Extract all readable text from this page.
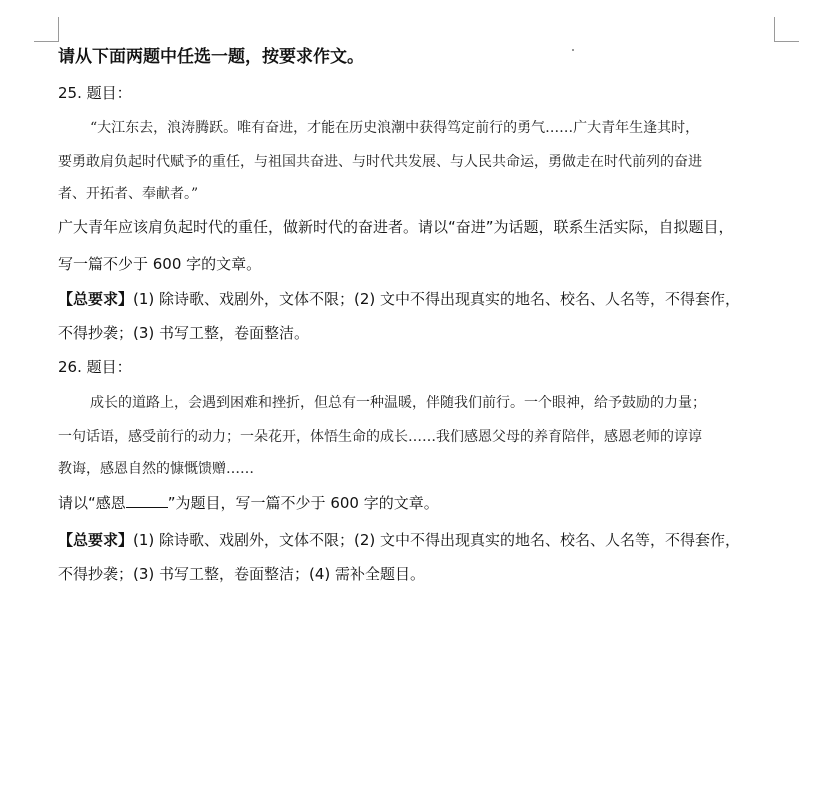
请从下面两题中任选一题，按要求作文。
25. 题目：
“大江东去，浪涛腾跃。唯有奋进，才能在历史浪潮中获得笃定前行的勇气……广大青年生逢其时，
要勇敢肩负起时代赋予的重任，与祖国共奋进、与时代共发展、与人民共命运，勇做走在时代前列的奋进
者、开拓者、奉献者。”
广大青年应该肩负起时代的重任，做新时代的奋进者。请以“奋进”为话题，联系生活实际，自拟题目，
写一篇不少于 600 字的文章。
【总要求】(1) 除诗歌、戏剧外，文体不限；(2) 文中不得出现真实的地名、校名、人名等，不得套作，
不得抄袭；(3) 书写工整，卷面整洁。
26. 题目：
成长的道路上，会遇到困难和挫折，但总有一种温暖，伴随我们前行。一个眼神，给予鼓励的力量；
一句话语，感受前行的动力；一朵花开，体悟生命的成长……我们感恩父母的养育陪伴，感恩老师的谆谆
教诲，感恩自然的慷慨馈赠……
请以“感恩	”为题目，写一篇不少于 600 字的文章。
【总要求】(1) 除诗歌、戏剧外，文体不限；(2) 文中不得出现真实的地名、校名、人名等，不得套作，
不得抄袭；(3) 书写工整，卷面整洁；(4) 需补全题目。
